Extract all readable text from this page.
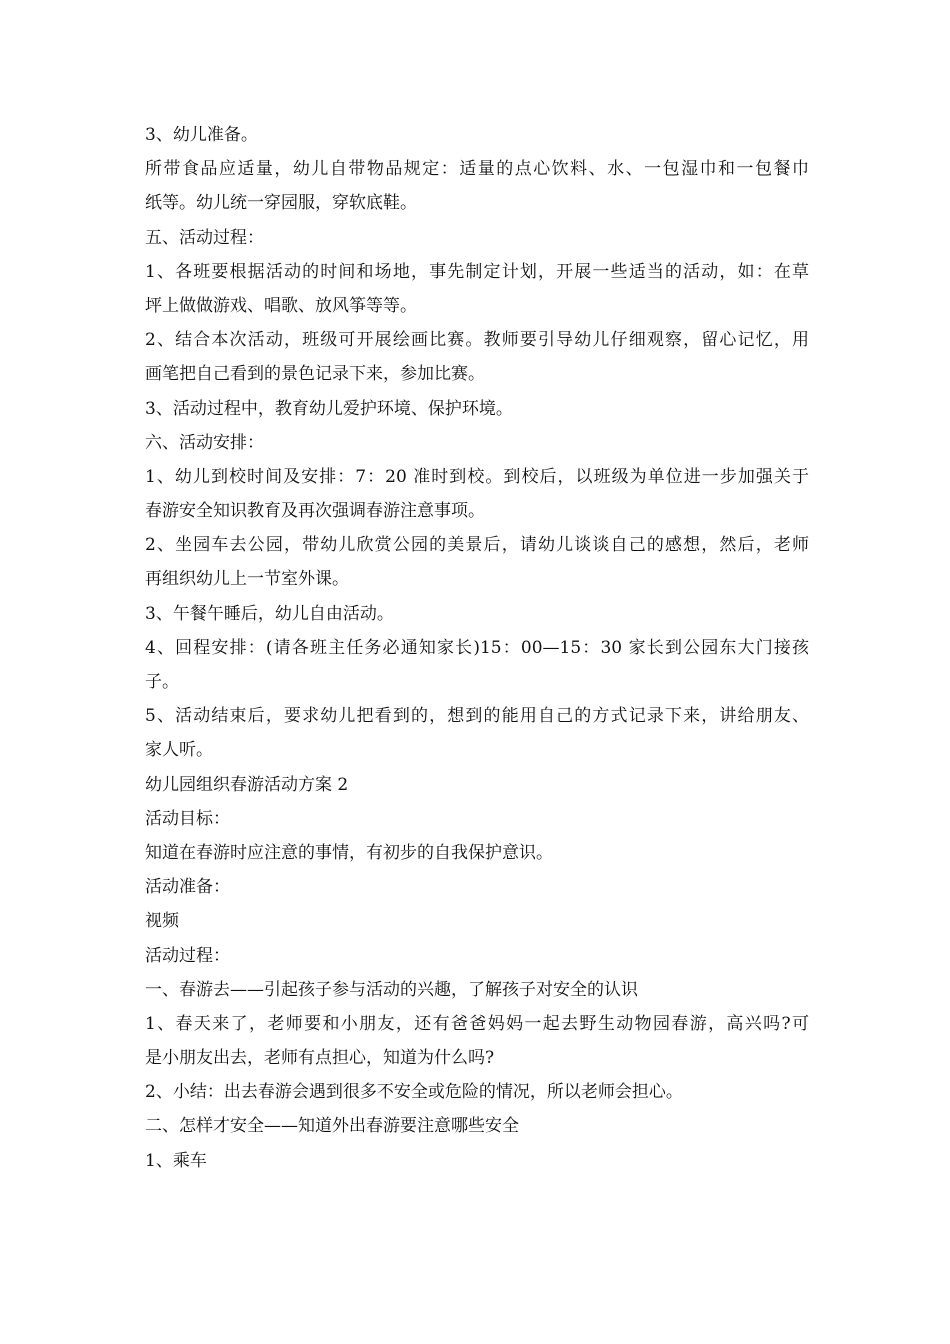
3、幼儿准备。
所带食品应适量，幼儿自带物品规定：适量的点心饮料、水、一包湿巾和一包餐巾
纸等。幼儿统一穿园服，穿软底鞋。
五、活动过程：
1、各班要根据活动的时间和场地，事先制定计划，开展一些适当的活动，如：在草
坪上做做游戏、唱歌、放风筝等等。
2、结合本次活动，班级可开展绘画比赛。教师要引导幼儿仔细观察，留心记忆，用
画笔把自己看到的景色记录下来，参加比赛。
3、活动过程中，教育幼儿爱护环境、保护环境。
六、活动安排：
1、幼儿到校时间及安排：7：20 准时到校。到校后，以班级为单位进一步加强关于
春游安全知识教育及再次强调春游注意事项。
2、坐园车去公园，带幼儿欣赏公园的美景后，请幼儿谈谈自己的感想，然后，老师
再组织幼儿上一节室外课。
3、午餐午睡后，幼儿自由活动。
4、回程安排：(请各班主任务必通知家长)15：00—15：30 家长到公园东大门接孩
子。
5、活动结束后，要求幼儿把看到的，想到的能用自己的方式记录下来，讲给朋友、
家人听。
幼儿园组织春游活动方案 2
活动目标：
知道在春游时应注意的事情，有初步的自我保护意识。
活动准备：
视频
活动过程：
一、春游去——引起孩子参与活动的兴趣，了解孩子对安全的认识
1、春天来了，老师要和小朋友，还有爸爸妈妈一起去野生动物园春游，高兴吗?可
是小朋友出去，老师有点担心，知道为什么吗?
2、小结：出去春游会遇到很多不安全或危险的情况，所以老师会担心。
二、怎样才安全——知道外出春游要注意哪些安全
1、乘车
